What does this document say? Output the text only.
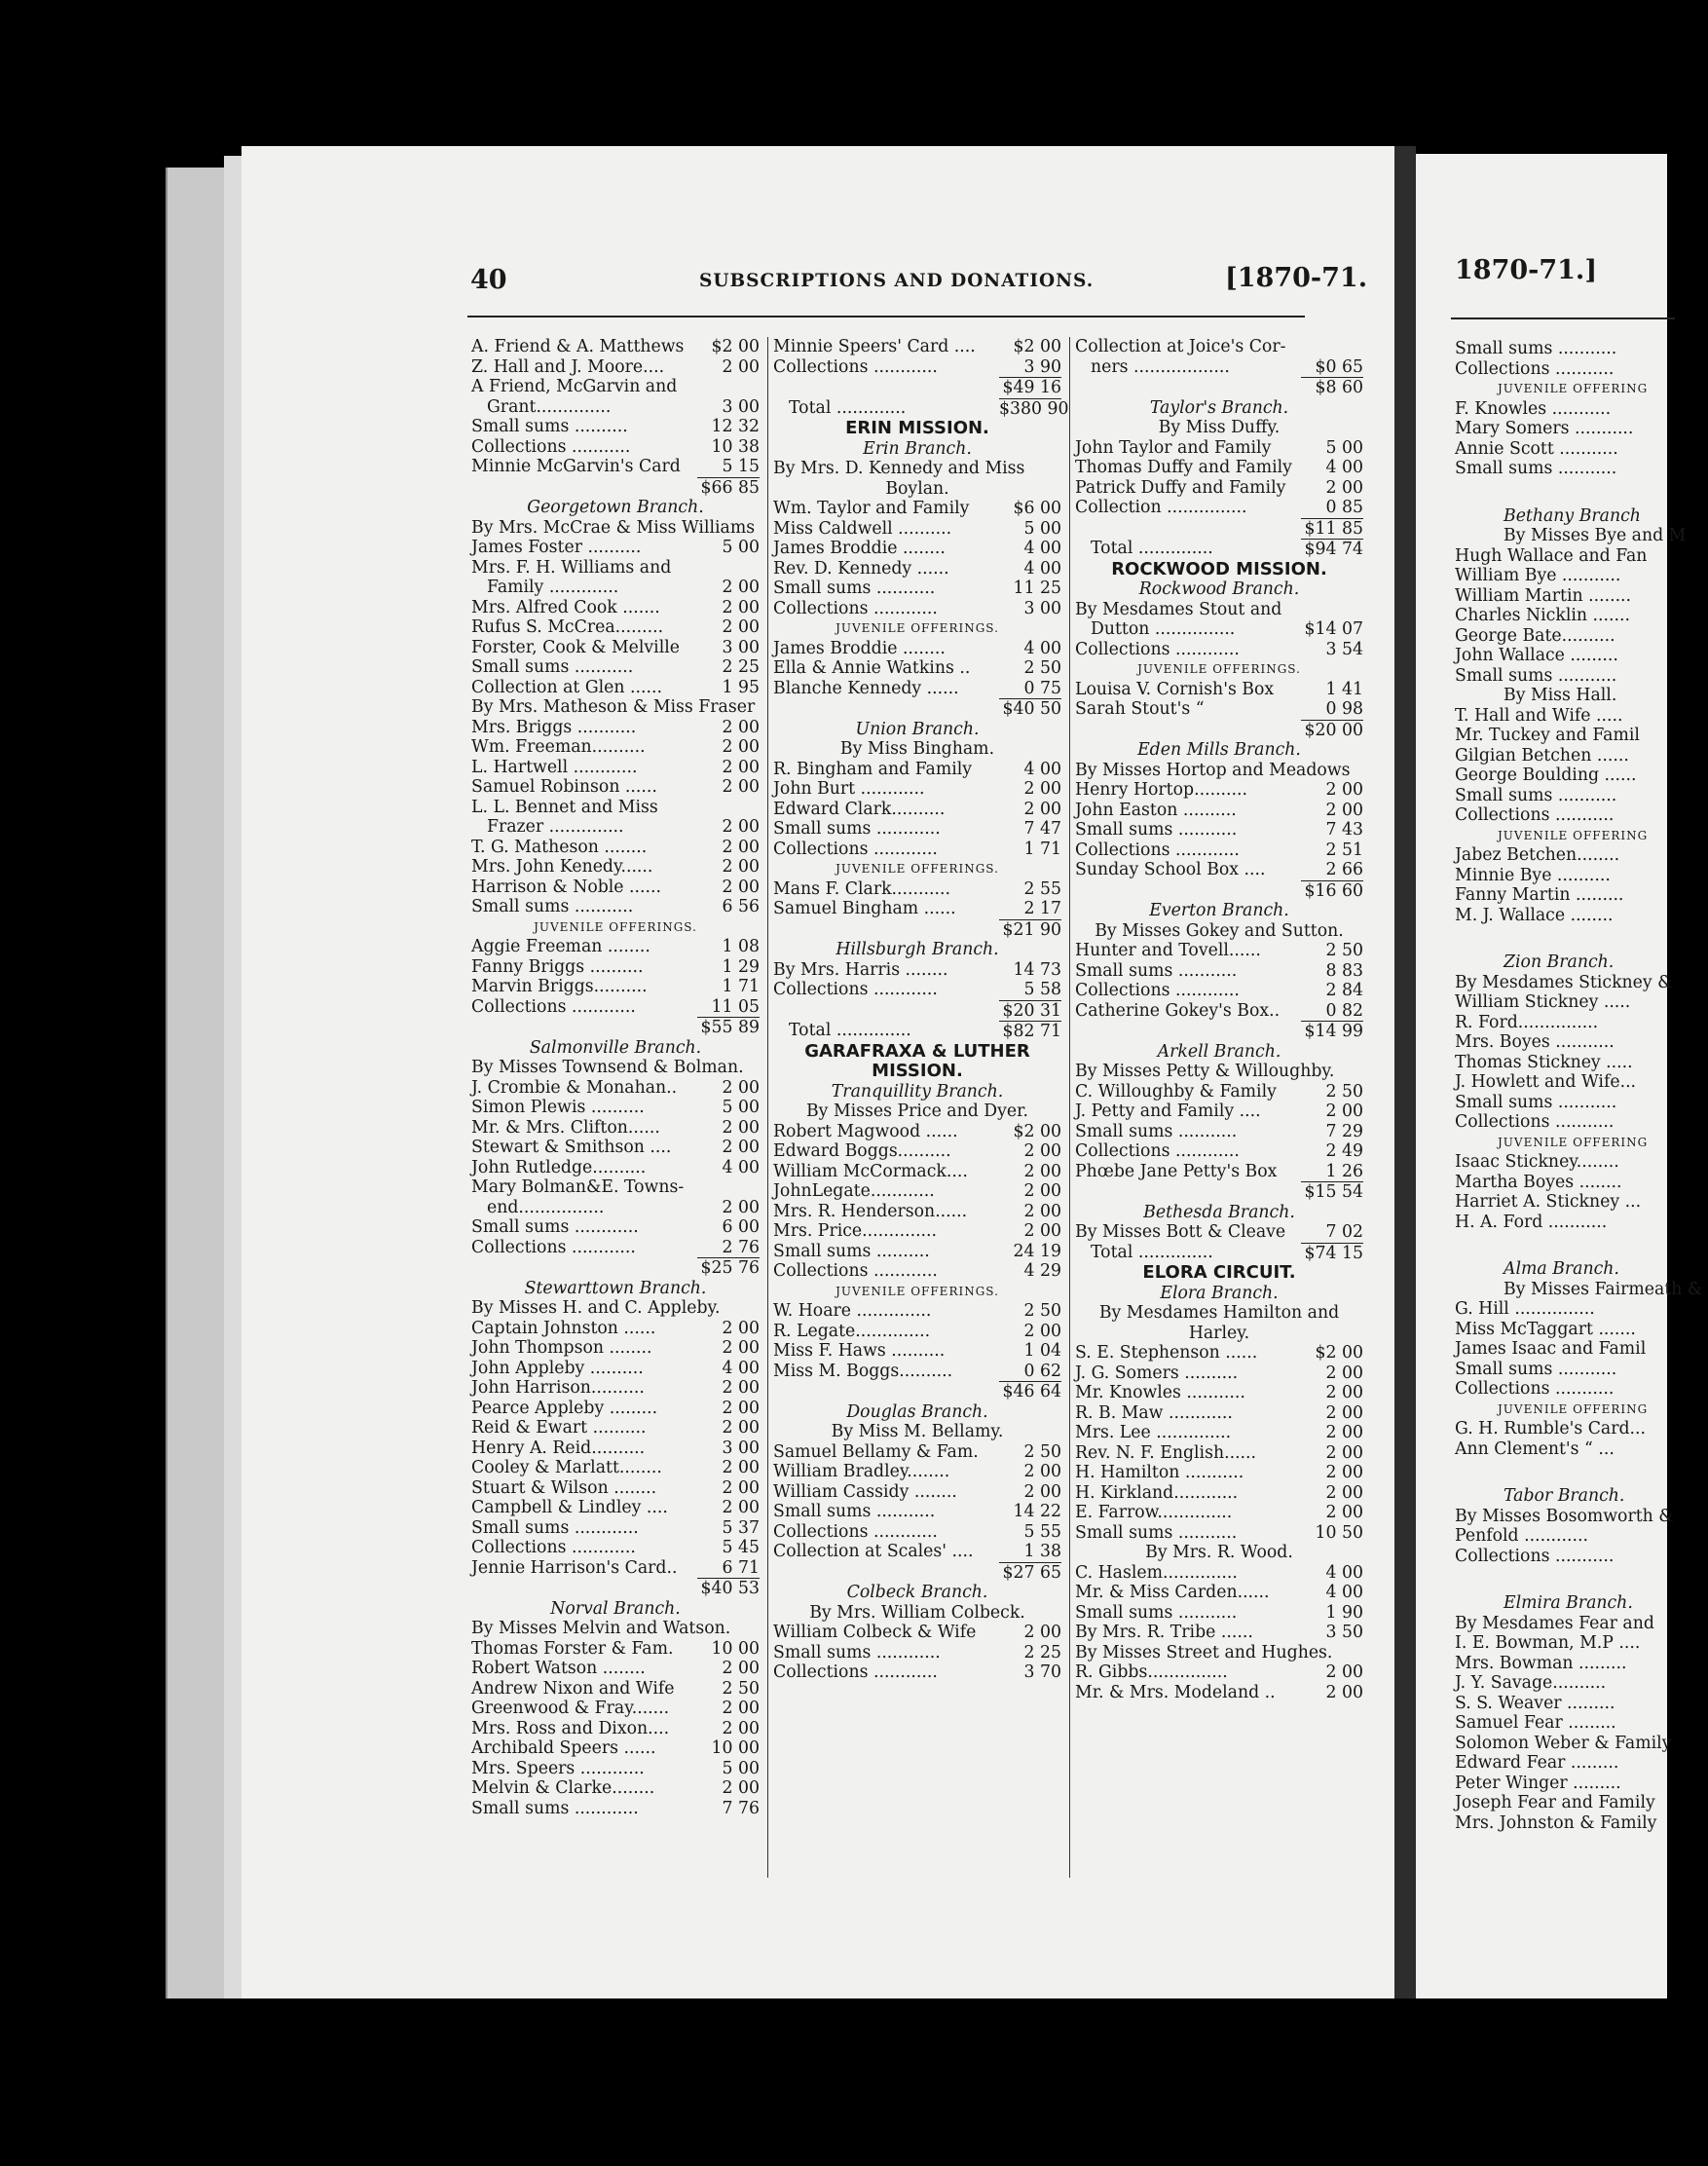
40	SUBSCRIPTIONS AND DONATIONS.	[1870-71.
A. Friend & A. Matthews	$2 00
Z. Hall and J. Moore....	2 00
A Friend, McGarvin and
Grant..............	3 00
Small sums ..........	12 32
Collections ...........	10 38
Minnie McGarvin's Card	5 15
$66 85
Georgetown Branch.
By Mrs. McCrae & Miss Williams
James Foster ..........	5 00
Mrs. F. H. Williams and
Family .............	2 00
Mrs. Alfred Cook .......	2 00
Rufus S. McCrea.........	2 00
Forster, Cook & Melville	3 00
Small sums ...........	2 25
Collection at Glen ......	1 95
By Mrs. Matheson & Miss Fraser
Mrs. Briggs ...........	2 00
Wm. Freeman..........	2 00
L. Hartwell ............	2 00
Samuel Robinson ......	2 00
L. L. Bennet and Miss
Frazer ..............	2 00
T. G. Matheson ........	2 00
Mrs. John Kenedy......	2 00
Harrison & Noble ......	2 00
Small sums ...........	6 56
JUVENILE OFFERINGS.
Aggie Freeman ........	1 08
Fanny Briggs ..........	1 29
Marvin Briggs..........	1 71
Collections ............	11 05
$55 89
Salmonville Branch.
By Misses Townsend & Bolman.
J. Crombie & Monahan..	2 00
Simon Plewis ..........	5 00
Mr. & Mrs. Clifton......	2 00
Stewart & Smithson ....	2 00
John Rutledge..........	4 00
Mary Bolman&E. Towns-
end................	2 00
Small sums ............	6 00
Collections ............	2 76
$25 76
Stewarttown Branch.
By Misses H. and C. Appleby.
Captain Johnston ......	2 00
John Thompson ........	2 00
John Appleby ..........	4 00
John Harrison..........	2 00
Pearce Appleby .........	2 00
Reid & Ewart ..........	2 00
Henry A. Reid..........	3 00
Cooley & Marlatt........	2 00
Stuart & Wilson ........	2 00
Campbell & Lindley ....	2 00
Small sums ............	5 37
Collections ............	5 45
Jennie Harrison's Card..	6 71
$40 53
Norval Branch.
By Misses Melvin and Watson.
Thomas Forster & Fam.	10 00
Robert Watson ........	2 00
Andrew Nixon and Wife	2 50
Greenwood & Fray.......	2 00
Mrs. Ross and Dixon....	2 00
Archibald Speers ......	10 00
Mrs. Speers ............	5 00
Melvin & Clarke........	2 00
Small sums ............	7 76
Minnie Speers' Card ....	$2 00
Collections ............	3 90
$49 16
Total .............	$380 90
ERIN MISSION.
Erin Branch.
By Mrs. D. Kennedy and Miss
Boylan.
Wm. Taylor and Family	$6 00
Miss Caldwell ..........	5 00
James Broddie ........	4 00
Rev. D. Kennedy ......	4 00
Small sums ...........	11 25
Collections ............	3 00
JUVENILE OFFERINGS.
James Broddie ........	4 00
Ella & Annie Watkins ..	2 50
Blanche Kennedy ......	0 75
$40 50
Union Branch.
By Miss Bingham.
R. Bingham and Family	4 00
John Burt ............	2 00
Edward Clark..........	2 00
Small sums ............	7 47
Collections ............	1 71
JUVENILE OFFERINGS.
Mans F. Clark...........	2 55
Samuel Bingham ......	2 17
$21 90
Hillsburgh Branch.
By Mrs. Harris ........	14 73
Collections ............	5 58
$20 31
Total ..............	$82 71
GARAFRAXA & LUTHER
MISSION.
Tranquillity Branch.
By Misses Price and Dyer.
Robert Magwood ......	$2 00
Edward Boggs..........	2 00
William McCormack....	2 00
JohnLegate............	2 00
Mrs. R. Henderson......	2 00
Mrs. Price..............	2 00
Small sums ..........	24 19
Collections ............	4 29
JUVENILE OFFERINGS.
W. Hoare ..............	2 50
R. Legate..............	2 00
Miss F. Haws ..........	1 04
Miss M. Boggs..........	0 62
$46 64
Douglas Branch.
By Miss M. Bellamy.
Samuel Bellamy & Fam.	2 50
William Bradley........	2 00
William Cassidy ........	2 00
Small sums ...........	14 22
Collections ............	5 55
Collection at Scales' ....	1 38
$27 65
Colbeck Branch.
By Mrs. William Colbeck.
William Colbeck & Wife	2 00
Small sums ............	2 25
Collections ............	3 70
Collection at Joice's Cor-
ners ..................	$0 65
$8 60
Taylor's Branch.
By Miss Duffy.
John Taylor and Family	5 00
Thomas Duffy and Family	4 00
Patrick Duffy and Family	2 00
Collection ...............	0 85
$11 85
Total ..............	$94 74
ROCKWOOD MISSION.
Rockwood Branch.
By Mesdames Stout and
Dutton ...............	$14 07
Collections ............	3 54
JUVENILE OFFERINGS.
Louisa V. Cornish's Box	1 41
Sarah Stout's “	0 98
$20 00
Eden Mills Branch.
By Misses Hortop and Meadows
Henry Hortop..........	2 00
John Easton ..........	2 00
Small sums ...........	7 43
Collections ............	2 51
Sunday School Box ....	2 66
$16 60
Everton Branch.
By Misses Gokey and Sutton.
Hunter and Tovell......	2 50
Small sums ...........	8 83
Collections ............	2 84
Catherine Gokey's Box..	0 82
$14 99
Arkell Branch.
By Misses Petty & Willoughby.
C. Willoughby & Family	2 50
J. Petty and Family ....	2 00
Small sums ...........	7 29
Collections ............	2 49
Phœbe Jane Petty's Box	1 26
$15 54
Bethesda Branch.
By Misses Bott & Cleave	7 02
Total ..............	$74 15
ELORA CIRCUIT.
Elora Branch.
By Mesdames Hamilton and
Harley.
S. E. Stephenson ......	$2 00
J. G. Somers ..........	2 00
Mr. Knowles ...........	2 00
R. B. Maw ............	2 00
Mrs. Lee ..............	2 00
Rev. N. F. English......	2 00
H. Hamilton ...........	2 00
H. Kirkland............	2 00
E. Farrow..............	2 00
Small sums ...........	10 50
By Mrs. R. Wood.
C. Haslem..............	4 00
Mr. & Miss Carden......	4 00
Small sums ...........	1 90
By Mrs. R. Tribe ......	3 50
By Misses Street and Hughes.
R. Gibbs...............	2 00
Mr. & Mrs. Modeland ..	2 00
1870-71.]
Small sums ...........
Collections ...........
JUVENILE OFFERING
F. Knowles ...........
Mary Somers ...........
Annie Scott ...........
Small sums ...........
Bethany Branch
By Misses Bye and M
Hugh Wallace and Fan
William Bye ...........
William Martin ........
Charles Nicklin .......
George Bate..........
John Wallace .........
Small sums ...........
By Miss Hall.
T. Hall and Wife .....
Mr. Tuckey and Famil
Gilgian Betchen ......
George Boulding ......
Small sums ...........
Collections ...........
JUVENILE OFFERING
Jabez Betchen........
Minnie Bye ..........
Fanny Martin .........
M. J. Wallace ........
Zion Branch.
By Mesdames Stickney &
William Stickney .....
R. Ford...............
Mrs. Boyes ...........
Thomas Stickney .....
J. Howlett and Wife...
Small sums ...........
Collections ...........
JUVENILE OFFERING
Isaac Stickney........
Martha Boyes ........
Harriet A. Stickney ...
H. A. Ford ...........
Alma Branch.
By Misses Fairmeath &
G. Hill ...............
Miss McTaggart .......
James Isaac and Famil
Small sums ...........
Collections ...........
JUVENILE OFFERING
G. H. Rumble's Card...
Ann Clement's “ ...
Tabor Branch.
By Misses Bosomworth &
Penfold ............
Collections ...........
Elmira Branch.
By Mesdames Fear and
I. E. Bowman, M.P ....
Mrs. Bowman .........
J. Y. Savage..........
S. S. Weaver .........
Samuel Fear .........
Solomon Weber & Family
Edward Fear .........
Peter Winger .........
Joseph Fear and Family
Mrs. Johnston & Family
